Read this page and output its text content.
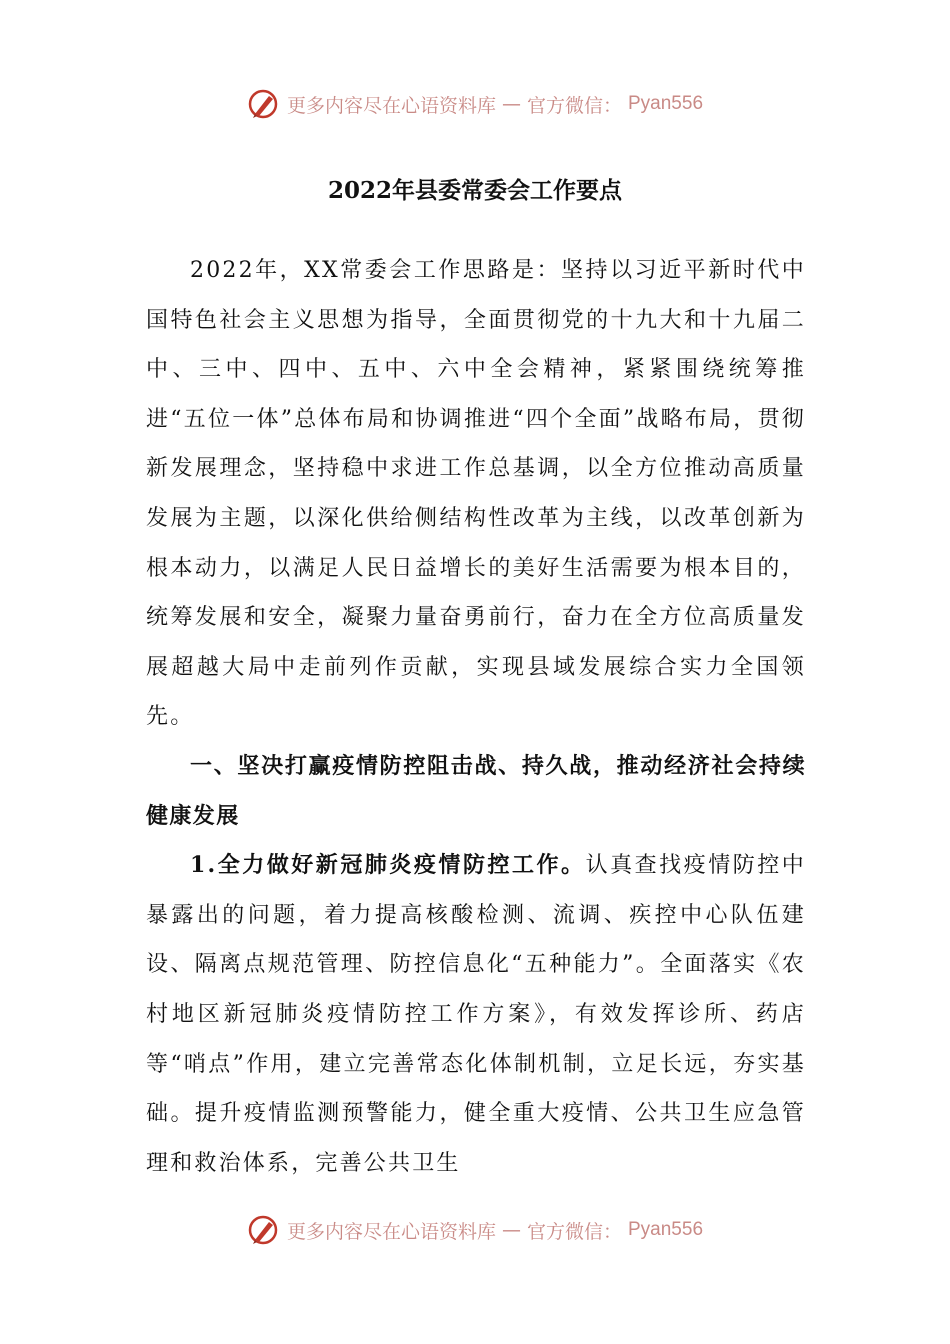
更多内容尽在心语资料库 — 官方微信： Pyan556
2022年县委常委会工作要点

2022年，XX常委会工作思路是：坚持以习近平新时代中国特色社会主义思想为指导，全面贯彻党的十九大和十九届二中、三中、四中、五中、六中全会精神，紧紧围绕统筹推进“五位一体”总体布局和协调推进“四个全面”战略布局，贯彻新发展理念，坚持稳中求进工作总基调，以全方位推动高质量发展为主题，以深化供给侧结构性改革为主线，以改革创新为根本动力，以满足人民日益增长的美好生活需要为根本目的，统筹发展和安全，凝聚力量奋勇前行，奋力在全方位高质量发展超越大局中走前列作贡献，实现县域发展综合实力全国领先。

一、坚决打赢疫情防控阻击战、持久战，推动经济社会持续健康发展

1.全力做好新冠肺炎疫情防控工作。认真查找疫情防控中暴露出的问题，着力提高核酸检测、流调、疾控中心队伍建设、隔离点规范管理、防控信息化“五种能力”。全面落实《农村地区新冠肺炎疫情防控工作方案》，有效发挥诊所、药店等“哨点”作用，建立完善常态化体制机制，立足长远，夯实基础。提升疫情监测预警能力，健全重大疫情、公共卫生应急管理和救治体系，完善公共卫生

更多内容尽在心语资料库 — 官方微信： Pyan556
